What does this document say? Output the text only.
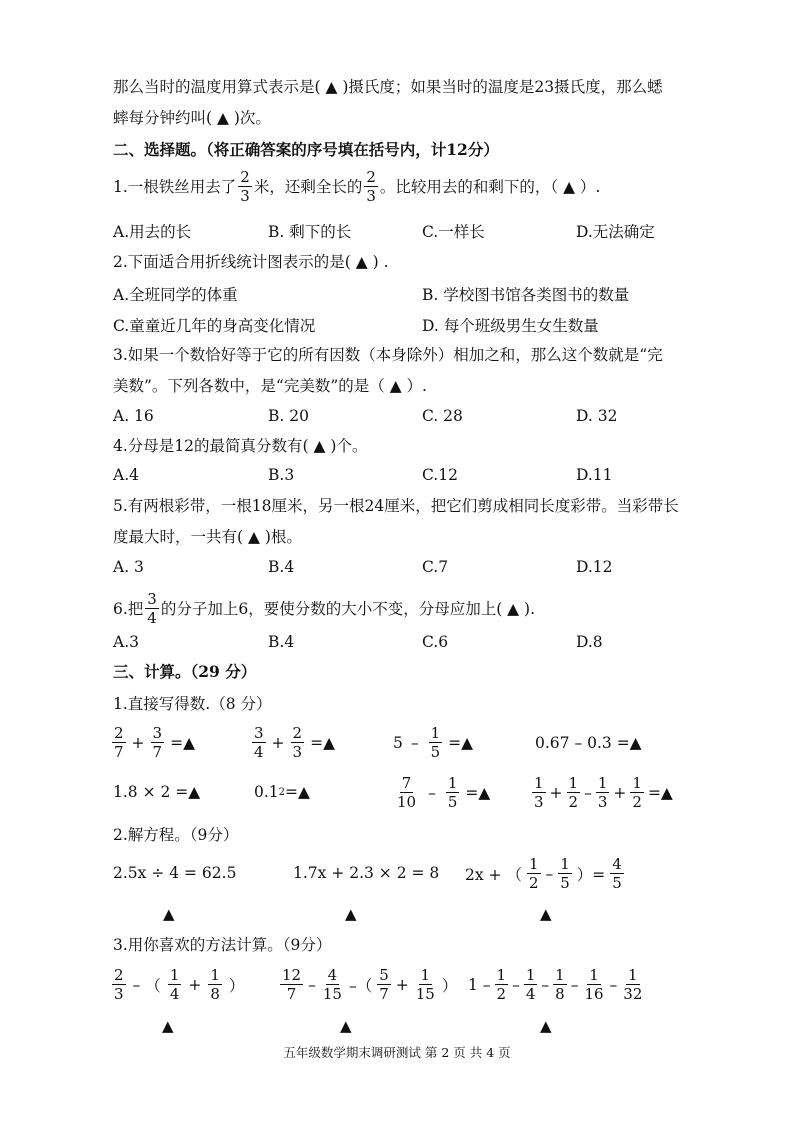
那么当时的温度用算式表示是( ▲ )摄氏度；如果当时的温度是23摄氏度，那么蟋
蟀每分钟约叫( ▲ )次。
二、选择题。（将正确答案的序号填在括号内，计12分）
1.一根铁丝用去了 $\frac{2}{3}$ 米，还剩全长的 $\frac{2}{3}$ 。比较用去的和剩下的，（ ▲ ）.
A.用去的长	B. 剩下的长	C.一样长	D.无法确定
2.下面适合用折线统计图表示的是( ▲ ) .
A.全班同学的体重	B. 学校图书馆各类图书的数量
C.童童近几年的身高变化情况	D. 每个班级男生女生数量
3.如果一个数恰好等于它的所有因数（本身除外）相加之和，那么这个数就是“完
美数”。下列各数中，是“完美数”的是（ ▲ ）.
A. 16	B. 20	C. 28	D. 32
4.分母是12的最简真分数有( ▲ )个。
A.4	B.3	C.12	D.11
5.有两根彩带，一根18厘米，另一根24厘米，把它们剪成相同长度彩带。当彩带长
度最大时，一共有( ▲ )根。
A. 3	B.4	C.7	D.12
6.把 $\frac{3}{4}$ 的分子加上6，要使分数的大小不变，分母应加上( ▲ ).
A.3	B.4	C.6	D.8
三、计算。（29 分）
1.直接写得数.（8 分）
$\frac{2}{7} + \frac{3}{7}$ =▲	$\frac{3}{4} + \frac{2}{3}$ =▲	$5 - \frac{1}{5}$ =▲	0.67 – 0.3 =▲
1.8 × 2 =▲	0.1 2 =▲	$\frac{7}{10} - \frac{1}{5}$ =▲	$\frac{1}{3} + \frac{1}{2} - \frac{1}{3} + \frac{1}{2}$ =▲
2.解方程。（9分）
2.5x ÷ 4 = 62.5	1.7x + 2.3 × 2 = 8 2x + （ $\frac{1}{2} - \frac{1}{5}$ ）= $\frac{4}{5}$
▲	▲	▲
3.用你喜欢的方法计算。（9分）
$\frac{2}{3}$ – （ $\frac{1}{4} + \frac{1}{8}$ ） $\frac{12}{7} - \frac{4}{15}$ –（ $\frac{5}{7} + \frac{1}{15}$ ） $1 - \frac{1}{2} - \frac{1}{4} - \frac{1}{8} - \frac{1}{16} - \frac{1}{32}$
▲	▲	▲
五年级数学期末调研测试 第 2 页 共 4 页
